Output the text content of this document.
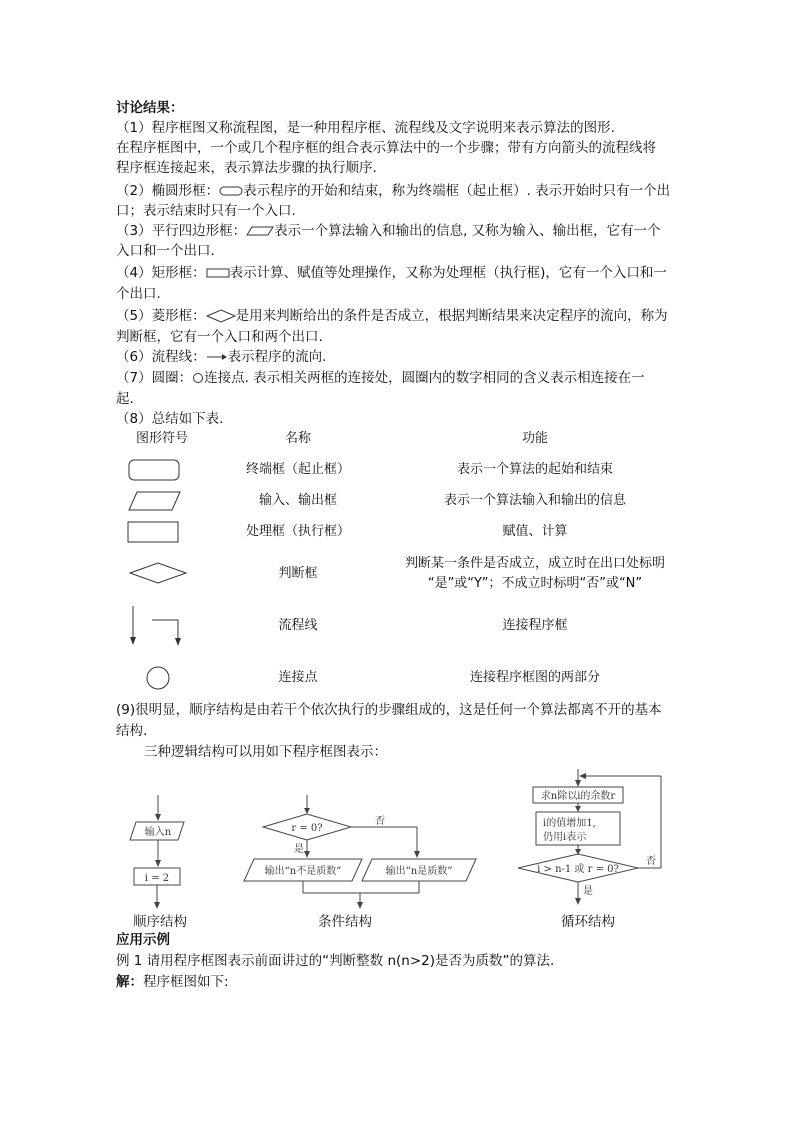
讨论结果：
（1）程序框图又称流程图，是一种用程序框、流程线及文字说明来表示算法的图形.
在程序框图中，一个或几个程序框的组合表示算法中的一个步骤；带有方向箭头的流程线将
程序框连接起来，表示算法步骤的执行顺序.
（2）椭圆形框： 表示程序的开始和结束，称为终端框（起止框）. 表示开始时只有一个出
口；表示结束时只有一个入口.
（3）平行四边形框： 表示一个算法输入和输出的信息, 又称为输入、输出框，它有一个
入口和一个出口.
（4）矩形框： 表示计算、赋值等处理操作，又称为处理框（执行框)，它有一个入口和一
个出口.
（5）菱形框： 是用来判断给出的条件是否成立，根据判断结果来决定程序的流向，称为
判断框，它有一个入口和两个出口.
（6）流程线： 表示程序的流向.
（7）圆圈： 连接点. 表示相关两框的连接处，圆圈内的数字相同的含义表示相连接在一
起.
（8）总结如下表.
图形符号	名称	功能
终端框（起止框）	表示一个算法的起始和结束
输入、输出框	表示一个算法输入和输出的信息
处理框（执行框）	赋值、计算
判断框
判断某一条件是否成立，成立时在出口处标明
“是”或“Y”；不成立时标明“否”或“N”
流程线	连接程序框
连接点	连接程序框图的两部分
(9)很明显，顺序结构是由若干个依次执行的步骤组成的，这是任何一个算法都离不开的基本
结构.
三种逻辑结构可以用如下程序框图表示：
输入n
i = 2
顺序结构
r = 0?
否
是
输出“n不是质数”	输出“n是质数”
条件结构
求n除以i的余数r
i的值增加1,
仍用i表示
i > n-1 或 r = 0?
否
是
循环结构
应用示例
例 1 请用程序框图表示前面讲过的“判断整数 n(n>2)是否为质数”的算法.
解：程序框图如下:
